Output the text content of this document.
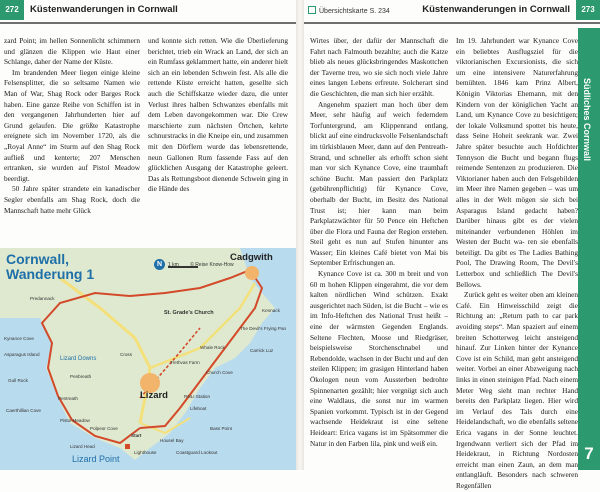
272	Küstenwanderungen in Cornwall

zard Point; im hellen Sonnenlicht schimmern und glänzen die Klippen wie Haut einer Schlange, daher der Name der Küste.

Im brandenden Meer liegen einige kleine Felsensplitter, die so seltsame Namen wie Man of War, Shag Rock oder Barges Rock haben. Eine ganze Reihe von Schiffen ist in den vergangenen Jahrhunderten hier auf Grund gelaufen. Die größte Katastrophe ereignete sich im November 1720, als die „Royal Anne“ im Sturm auf den Shag Rock aufließ und kenterte; 207 Menschen ertranken, sie wurden auf Pistol Meadow beerdigt.

50 Jahre später strandete ein kanadischer Segler ebenfalls am Shag Rock, doch die Mannschaft hatte mehr Glück

und konnte sich retten. Wie die Überlieferung berichtet, trieb ein Wrack an Land, der sich an ein Rumfass geklammert hatte, ein anderer hielt sich an ein lebenden Schwein fest. Als alle die rettende Küste erreicht hatten, gesellte sich auch die Schiffskatze wieder dazu, die unter Verlust ihres halben Schwanzes ebenfalls mit dem Leben davongekommen war. Die Crew marschierte zum nächsten Örtchen, kehrte schnurstracks in die Kneipe ein, und zusammen mit den Dörflern wurde das lebensrettende, neun Gallonen Rum fassende Fass auf den glücklichen Ausgang der Katastrophe geleert. Das als Rettungsboot dienende Schwein ging in die Hände des

Cornwall,
Wanderung 1
N	1 km © Reise Know-How
Cadgwith
Lizard
Lizard Point
Lizard Downs
Kynance Cove
St. Grade's Church
The Devil's Frying Pan
Church Cove
Housel Bay
Start
Lifeboat
Whale Rock
Asparagus Island
Gull Rock
Penbreath
Lighthouse
Lizard Head
Bass Point
Caerthillian Cove
Polpeor Cove
Pistol Meadow
Pentreath
Kennack
Trethvas Farm
Cross
RNLI Station
Predannack
Carrick Luz
Coastguard Lookout
Übersichtskarte S. 234	Küstenwanderungen in Cornwall	273

Wirtes über, der dafür der Mannschaft die Fahrt nach Falmouth bezahlte; auch die Katze blieb als neues glücksbringendes Maskottchen der Taverne treu, wo sie sich noch viele Jahre eines langen Lebens erfreute. Solcherart sind die Geschichten, die man sich hier erzählt.

Angenehm spaziert man hoch über dem Meer, sehr häufig auf weich federndem Torfuntergrund, am Klippenrand entlang, blickt auf eine eindrucksvolle Felsenlandschaft im türkisblauen Meer, dann auf den Pentreath-Strand, und schneller als erhofft schon sieht man vor sich Kynance Cove, eine traumhaft schöne Bucht. Man passiert den Parkplatz (gebührenpflichtig) für Kynance Cove, oberhalb der Bucht, im Besitz des National Trust ist; hier kann man beim Parkplatzwächter für 50 Pence ein Heftchen über die Flora und Fauna der Region erstehen. Steil geht es nun auf Stufen hinunter ans Wasser; Ein kleines Café bietet von Mai bis September Erfrischungen an.

Kynance Cove ist ca. 300 m breit und von 60 m hohen Klippen eingerahmt, die vor dem kalten nördlichen Wind schützen. Exakt ausgerichtet nach Süden, ist die Bucht – wie es im Info-Heftchen des National Trust heißt – eine der wärmsten Gegenden Englands. Seltene Flechten, Moose und Riedgräser, beispielsweise Storchenschnabel und Rebendolde, wachsen in der Bucht und auf den steilen Klippen; im grasigen Hinterland haben Ökologen neun vom Aussterben bedrohte Spinnenarten gezählt; hier vergnügt sich auch eine Waldlaus, die sonst nur im warmen Spanien vorkommt. Typisch ist in der Gegend wachsende Heidekraut ist eine seltene Heideart: Erica vagans ist im Spätsommer die Natur in den Farben lila, pink und weiß ein.

Im 19. Jahrhundert war Kynance Cove ein beliebtes Ausflugsziel für die viktorianischen Excursionists, die sich um eine intensivere Naturerfahrung bemühten. 1846 kam Prinz Albert, Königin Viktorias Ehemann, mit den Kindern von der königlichen Yacht an Land, um Kynance Cove zu besichtigen; der lokale Volksmund spottet bis heute, dass Seine Hoheit seekrank war. Zwei Jahre später besuchte auch Hofdichter Tennyson die Bucht und begann flugs reimende Sentenzen zu produzieren. Die Viktorianer haben auch den Felsgebilden im Meer ihre Namen gegeben – was um alles in der Welt mögen sie sich bei Asparagus Island gedacht haben? Darüber hinaus gibt es der vielen miteinander verbundenen Höhlen im Westen der Bucht wa- ren sie ebenfalls beteiligt. Da gibt es The Ladies Bathing Pool, The Drawing Room, The Devil's Letterbox und schließlich The Devil's Bellows.

Zurück geht es weiter oben am kleinen Café. Ein Hinweisschild zeigt die Richtung an: „Return path to car park avoiding steps“. Man spaziert auf einem breiten Schotterweg leicht ansteigend hinauf. Zur Linken hinter der Kynance Cove ist ein Schild, man geht ansteigend weiter. Vorbei an einer Abzweigung nach links in einen steinigen Pfad. Nach einem Meter Weg sieht man rechter Hand bereits den Parkplatz liegen. Hier wird im Verlauf des Tals durch eine Heidelandschaft, wo die ebenfalls seltene Erica vagans in der Sonne leuchtet. Irgendwann verliert sich der Pfad im Heidekraut, in Richtung Nordosten erreicht man einen Zaun, an dem man entlangläuft. Besonders nach schweren Regenfällen

Südliches Cornwall
7
